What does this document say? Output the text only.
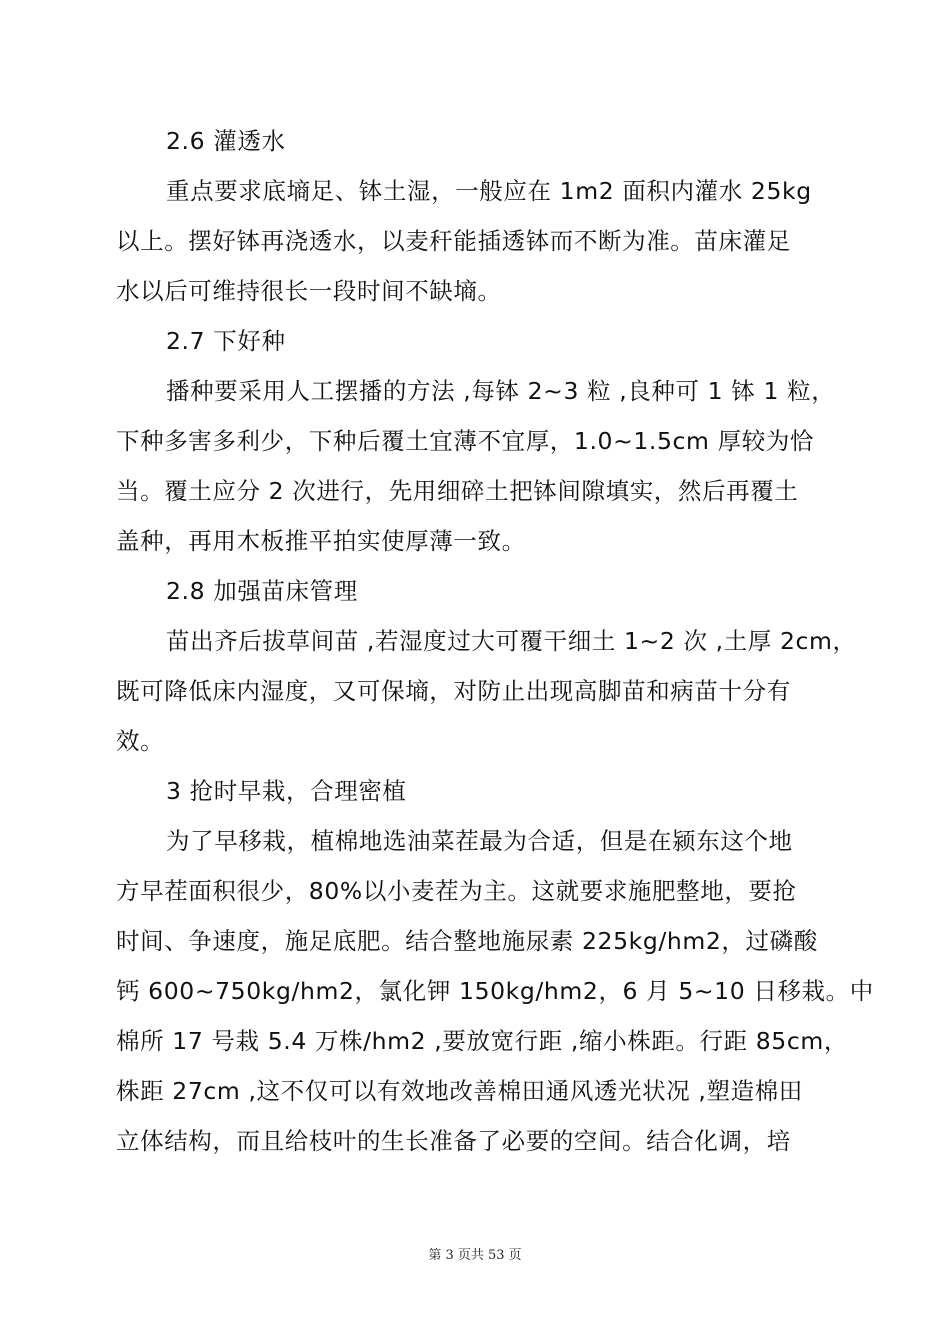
2.6 灌透水
重点要求底墒足、钵土湿，一般应在 1m2 面积内灌水 25kg
以上。摆好钵再浇透水，以麦秆能插透钵而不断为准。苗床灌足
水以后可维持很长一段时间不缺墒。
2.7 下好种
播种要采用人工摆播的方法 ,每钵 2~3 粒 ,良种可 1 钵 1 粒，
下种多害多利少，下种后覆土宜薄不宜厚，1.0~1.5cm 厚较为恰
当。覆土应分 2 次进行，先用细碎土把钵间隙填实，然后再覆土
盖种，再用木板推平拍实使厚薄一致。
2.8 加强苗床管理
苗出齐后拔草间苗 ,若湿度过大可覆干细土 1~2 次 ,土厚 2cm，
既可降低床内湿度，又可保墒，对防止出现高脚苗和病苗十分有
效。
3 抢时早栽，合理密植
为了早移栽，植棉地选油菜茬最为合适，但是在颍东这个地
方早茬面积很少，80%以小麦茬为主。这就要求施肥整地，要抢
时间、争速度，施足底肥。结合整地施尿素 225kg/hm2，过磷酸
钙 600~750kg/hm2，氯化钾 150kg/hm2，6 月 5~10 日移栽。中
棉所 17 号栽 5.4 万株/hm2 ,要放宽行距 ,缩小株距。行距 85cm，
株距 27cm ,这不仅可以有效地改善棉田通风透光状况 ,塑造棉田
立体结构，而且给枝叶的生长准备了必要的空间。结合化调，培
第 3 页共 53 页
